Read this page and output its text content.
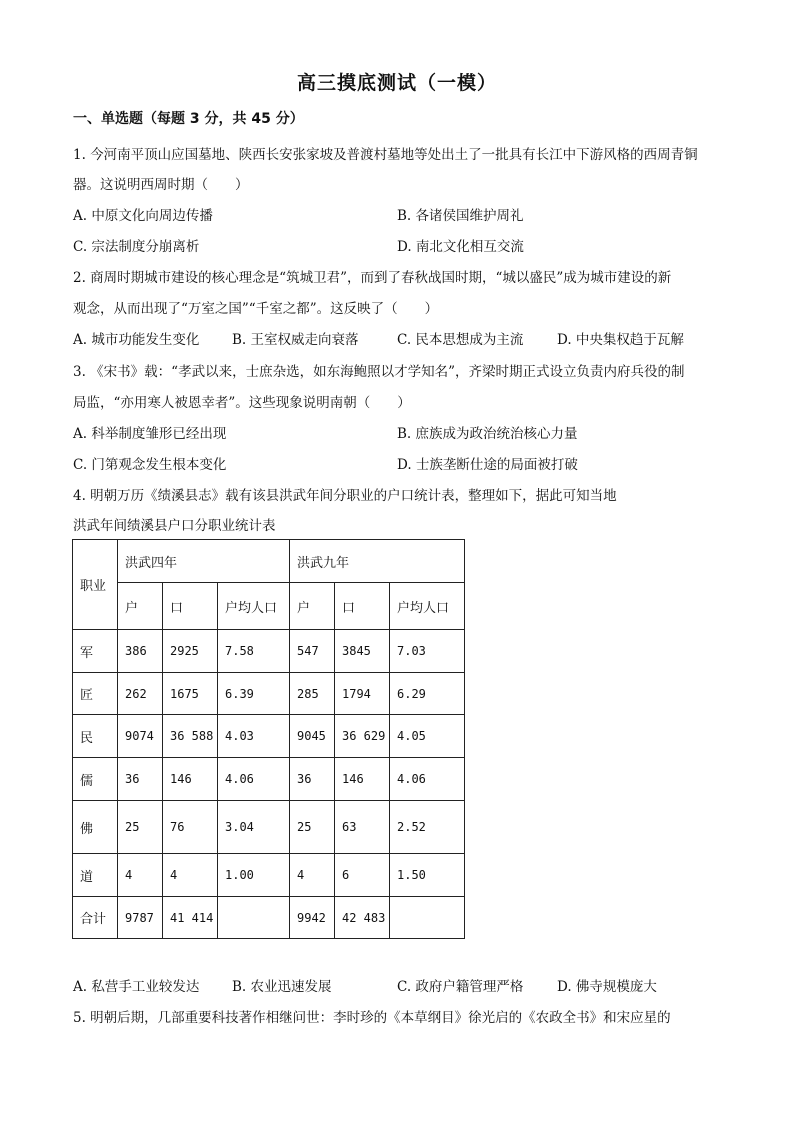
高三摸底测试（一模）
一、单选题（每题 3 分，共 45 分）
1. 今河南平顶山应国墓地、陕西长安张家坡及普渡村墓地等处出土了一批具有长江中下游风格的西周青铜
器。这说明西周时期（　　）
A. 中原文化向周边传播	B. 各诸侯国维护周礼
C. 宗法制度分崩离析	D. 南北文化相互交流
2. 商周时期城市建设的核心理念是“筑城卫君”，而到了春秋战国时期，“城以盛民”成为城市建设的新
观念，从而出现了“万室之国”“千室之都”。这反映了（　　）
A. 城市功能发生变化 B. 王室权威走向衰落	C. 民本思想成为主流 D. 中央集权趋于瓦解
3. 《宋书》载：“孝武以来，士庶杂选，如东海鲍照以才学知名”，齐梁时期正式设立负责内府兵役的制
局监，“亦用寒人被恩幸者”。这些现象说明南朝（　　）
A. 科举制度雏形已经出现	B. 庶族成为政治统治核心力量
C. 门第观念发生根本变化	D. 士族垄断仕途的局面被打破
4. 明朝万历《绩溪县志》载有该县洪武年间分职业的户口统计表，整理如下，据此可知当地
洪武年间绩溪县户口分职业统计表
职业	洪武四年			洪武九年		
	户	口	户均人口	户	口	户均人口
军	386	2925	7.58	547	3845	7.03
匠	262	1675	6.39	285	1794	6.29
民	9074	36 588	4.03	9045	36 629	4.05
儒	36	146	4.06	36	146	4.06
佛	25	76	3.04	25	63	2.52
道	4	4	1.00	4	6	1.50
合计	9787	41 414		9942	42 483	
A. 私营手工业较发达 B. 农业迅速发展	C. 政府户籍管理严格 D. 佛寺规模庞大
5. 明朝后期，几部重要科技著作相继问世：李时珍的《本草纲目》徐光启的《农政全书》和宋应星的
